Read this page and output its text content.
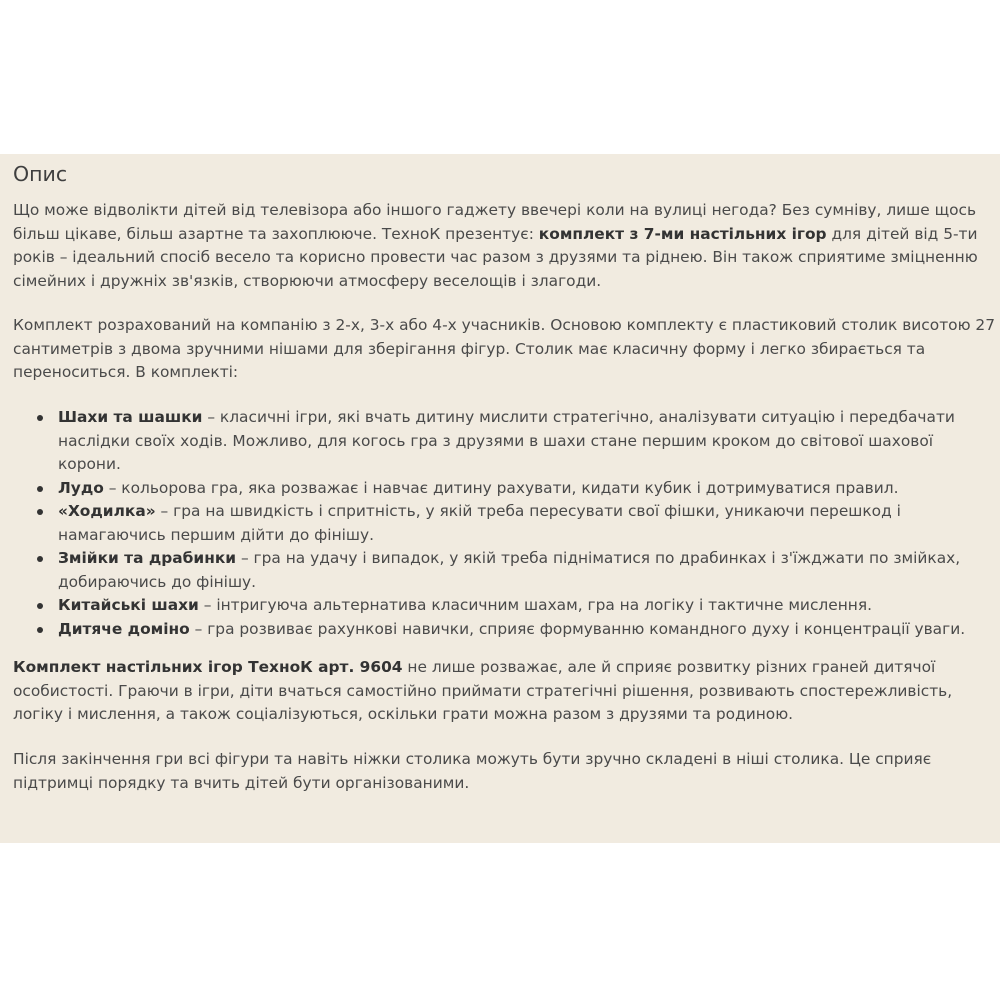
Опис
Що може відволікти дітей від телевізора або іншого гаджету ввечері коли на вулиці негода? Без сумніву, лише щось
більш цікаве, більш азартне та захоплююче. ТехноК презентує: комплект з 7-ми настільних ігор для дітей від 5-ти
років – ідеальний спосіб весело та корисно провести час разом з друзями та ріднею. Він також сприятиме зміцненню
сімейних і дружніх зв'язків, створюючи атмосферу веселощів і злагоди.
Комплект розрахований на компанію з 2-х, 3-х або 4-х учасників. Основою комплекту є пластиковий столик висотою 27
сантиметрів з двома зручними нішами для зберігання фігур. Столик має класичну форму і легко збирається та
переноситься. В комплекті:
Шахи та шашки – класичні ігри, які вчать дитину мислити стратегічно, аналізувати ситуацію і передбачати
наслідки своїх ходів. Можливо, для когось гра з друзями в шахи стане першим кроком до світової шахової
корони.
Лудо – кольорова гра, яка розважає і навчає дитину рахувати, кидати кубик і дотримуватися правил.
«Ходилка» – гра на швидкість і спритність, у якій треба пересувати свої фішки, уникаючи перешкод і
намагаючись першим дійти до фінішу.
Змійки та драбинки – гра на удачу і випадок, у якій треба підніматися по драбинках і з'їжджати по змійках,
добираючись до фінішу.
Китайські шахи – інтригуюча альтернатива класичним шахам, гра на логіку і тактичне мислення.
Дитяче доміно – гра розвиває рахункові навички, сприяє формуванню командного духу і концентрації уваги.
Комплект настільних ігор ТехноК арт. 9604 не лише розважає, але й сприяє розвитку різних граней дитячої
особистості. Граючи в ігри, діти вчаться самостійно приймати стратегічні рішення, розвивають спостережливість,
логіку і мислення, а також соціалізуються, оскільки грати можна разом з друзями та родиною.
Після закінчення гри всі фігури та навіть ніжки столика можуть бути зручно складені в ніші столика. Це сприяє
підтримці порядку та вчить дітей бути організованими.
